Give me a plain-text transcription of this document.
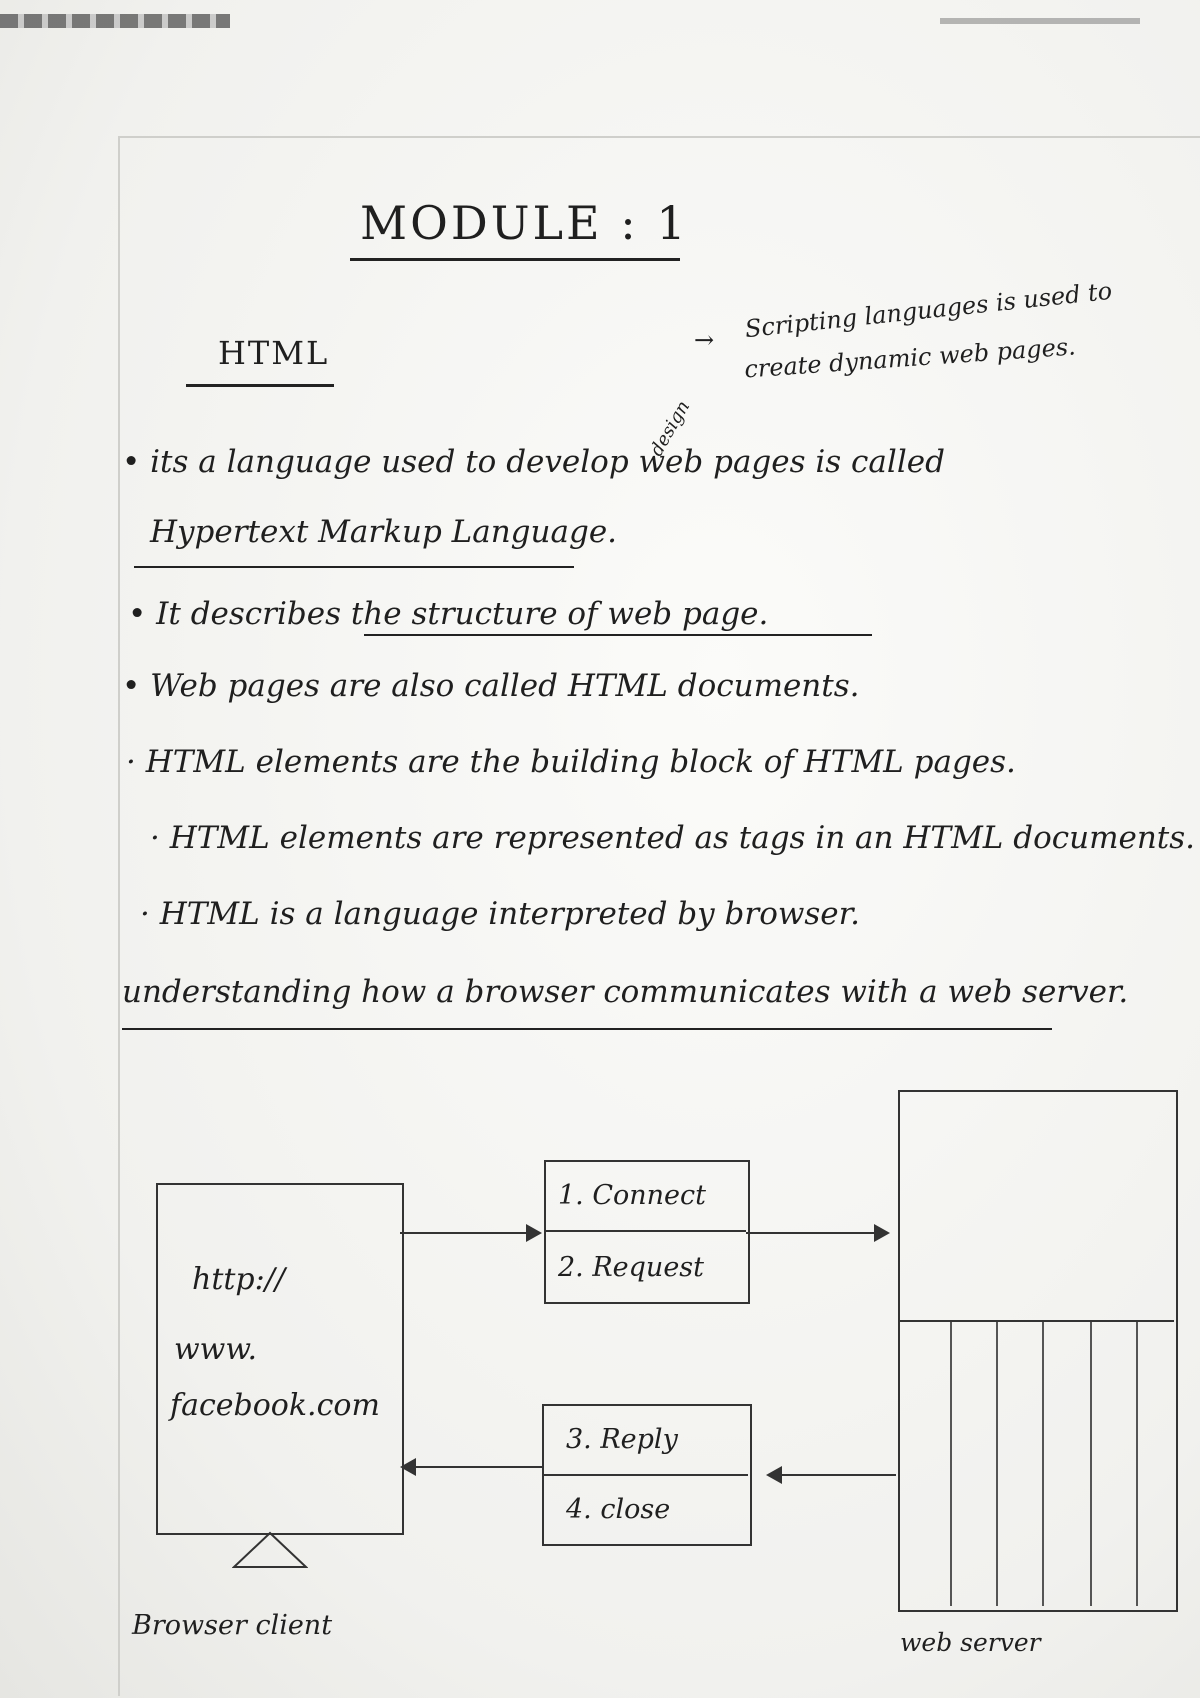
MODULE : 1
HTML	→ Scripting languages is used to
create dynamic web pages.
design
• its a language used to develop web pages is called
Hypertext Markup Language.
• It describes the structure of web page.
• Web pages are also called HTML documents.
· HTML elements are the building block of HTML pages.
· HTML elements are represented as tags in an HTML documents.
· HTML is a language interpreted by browser.
understanding how a browser communicates with a web server.
http://
www.
facebook.com
1. Connect
2. Request
3. Reply
4. close
Browser client
web server
